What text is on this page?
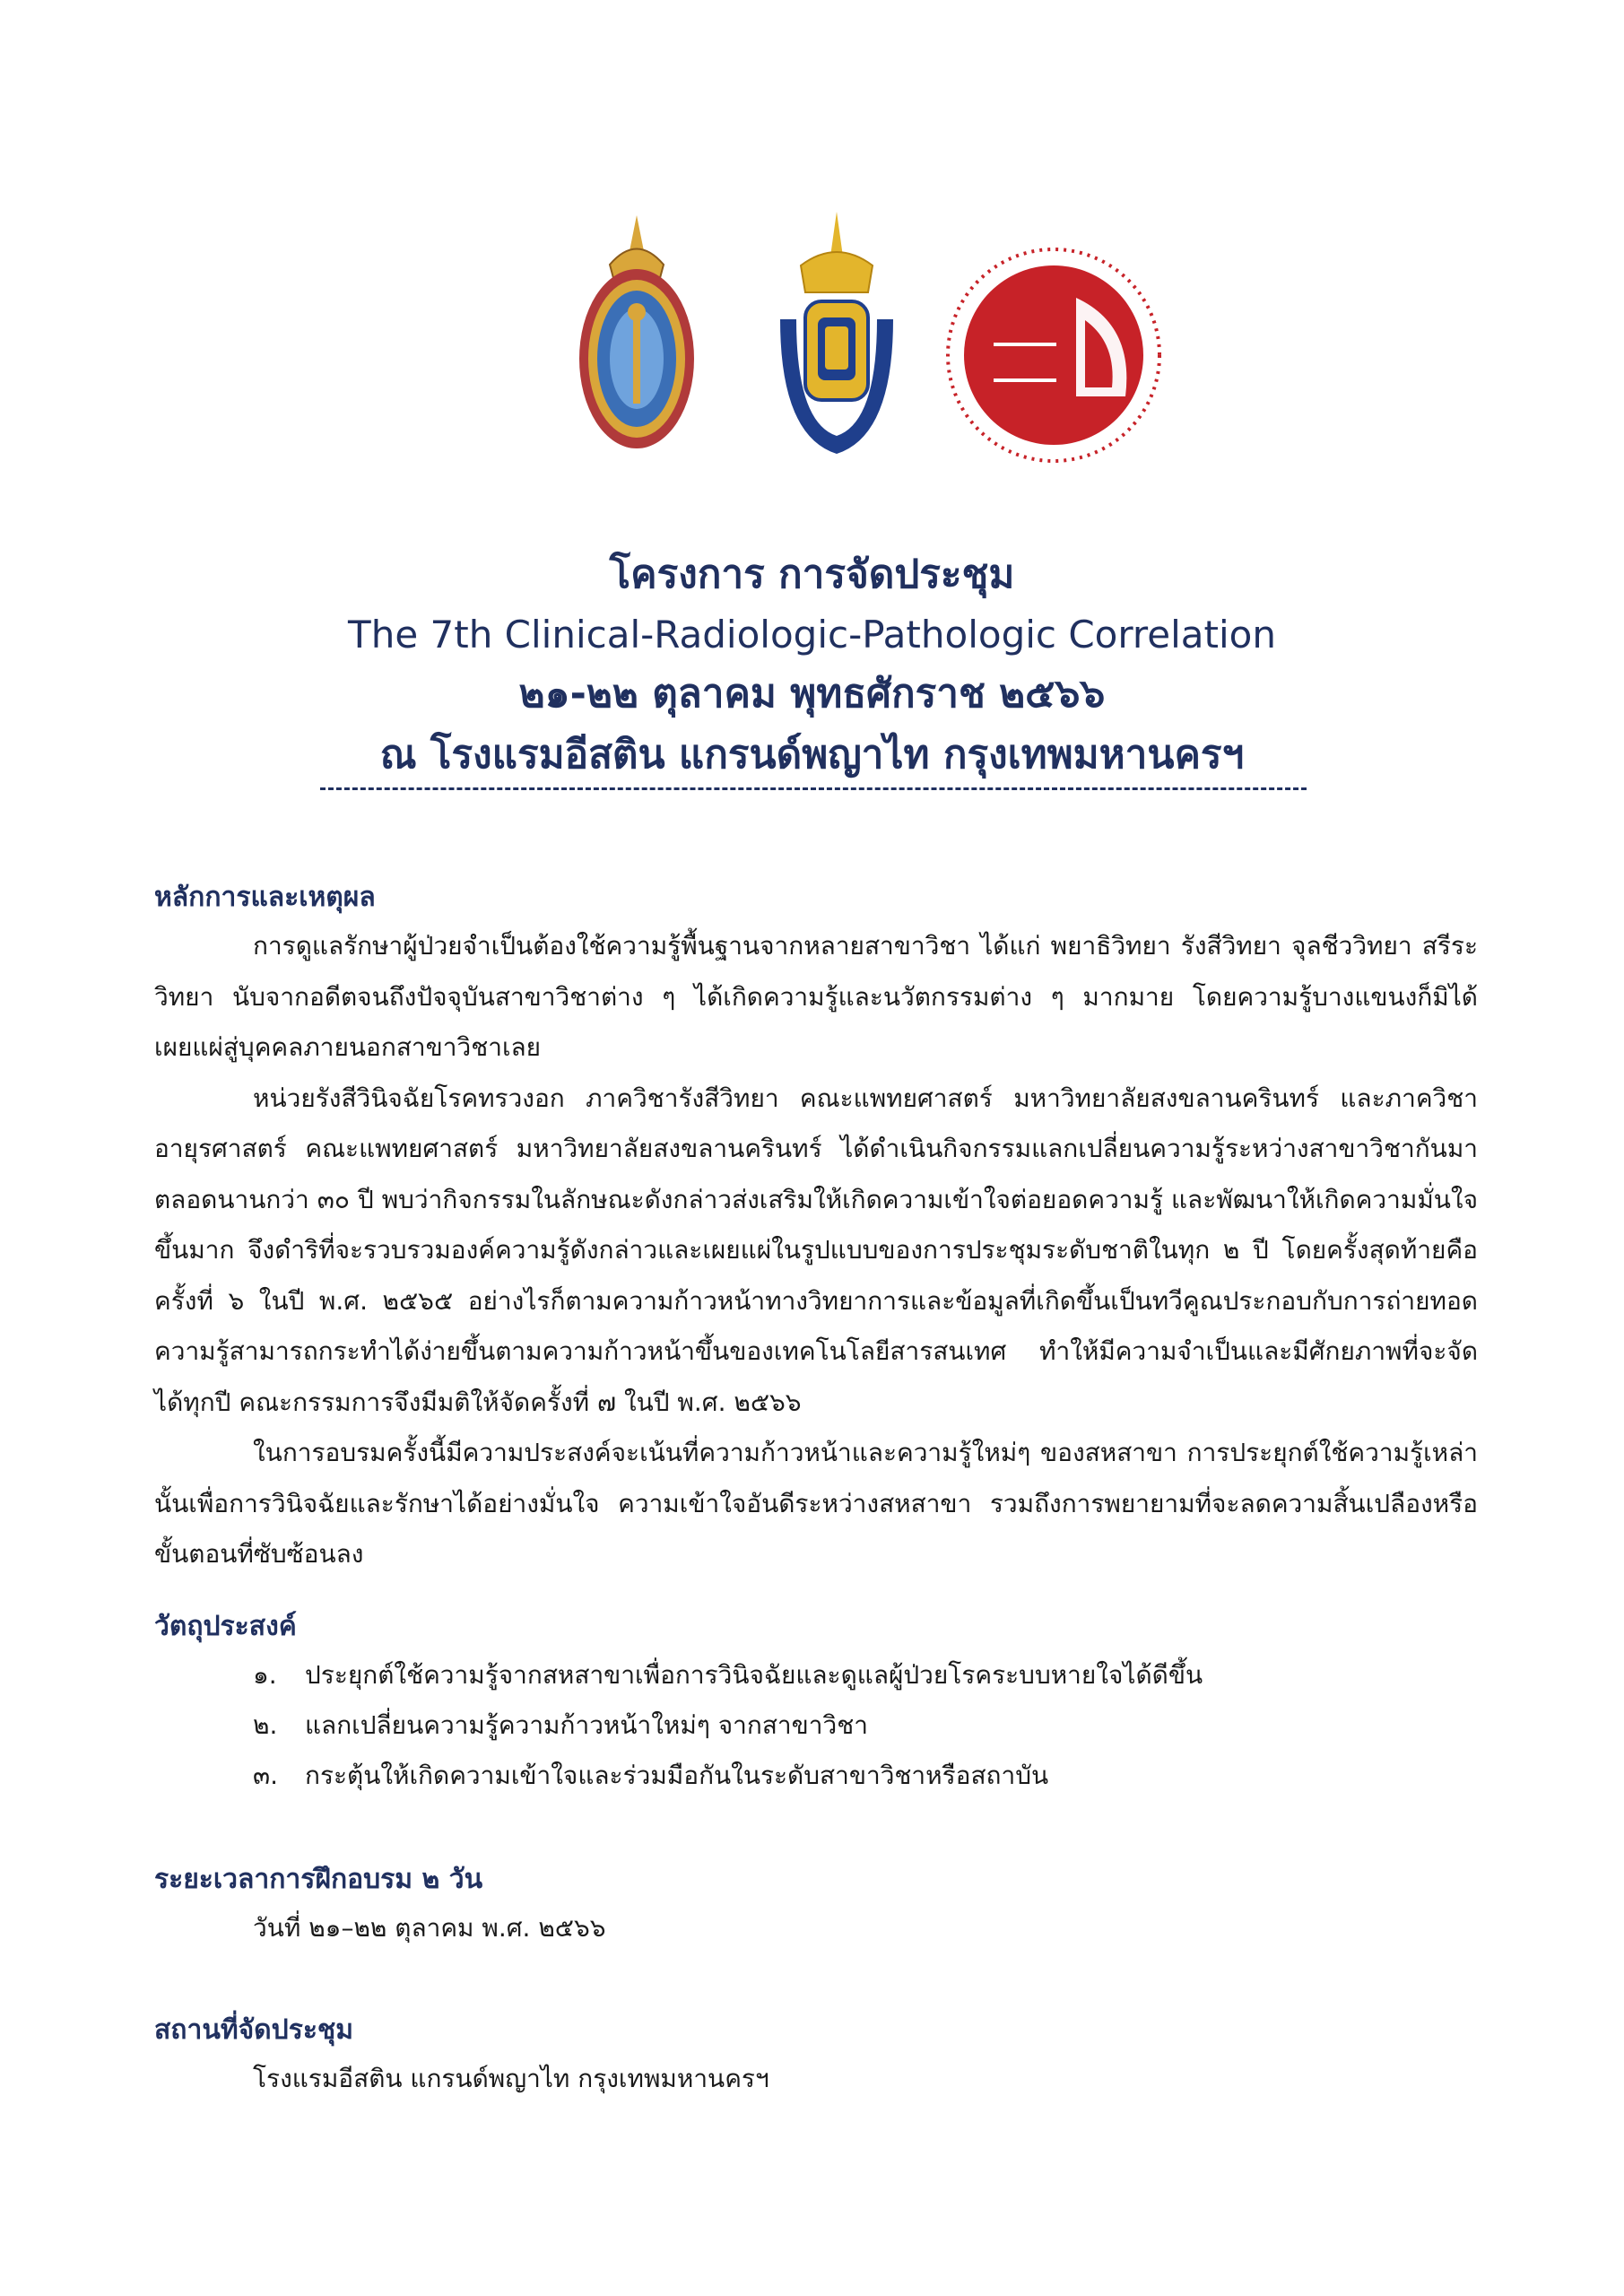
โครงการ การจัดประชุม
The 7th Clinical-Radiologic-Pathologic Correlation
๒๑-๒๒ ตุลาคม พุทธศักราช ๒๕๖๖
ณ โรงแรมอีสติน แกรนด์พญาไท กรุงเทพมหานครฯ

หลักการและเหตุผล

การดูแลรักษาผู้ป่วยจำเป็นต้องใช้ความรู้พื้นฐานจากหลายสาขาวิชา ได้แก่ พยาธิวิทยา รังสีวิทยา จุลชีววิทยา สรีระวิทยา นับจากอดีตจนถึงปัจจุบันสาขาวิชาต่าง ๆ ได้เกิดความรู้และนวัตกรรมต่าง ๆ มากมาย โดยความรู้บางแขนงก็มิได้เผยแผ่สู่บุคคลภายนอกสาขาวิชาเลย

หน่วยรังสีวินิจฉัยโรคทรวงอก ภาควิชารังสีวิทยา คณะแพทยศาสตร์ มหาวิทยาลัยสงขลานครินทร์ และภาควิชาอายุรศาสตร์ คณะแพทยศาสตร์ มหาวิทยาลัยสงขลานครินทร์ ได้ดำเนินกิจกรรมแลกเปลี่ยนความรู้ระหว่างสาขาวิชากันมาตลอดนานกว่า ๓๐ ปี พบว่ากิจกรรมในลักษณะดังกล่าวส่งเสริมให้เกิดความเข้าใจต่อยอดความรู้ และพัฒนาให้เกิดความมั่นใจขึ้นมาก จึงดำริที่จะรวบรวมองค์ความรู้ดังกล่าวและเผยแผ่ในรูปแบบของการประชุมระดับชาติในทุก ๒ ปี โดยครั้งสุดท้ายคือครั้งที่ ๖ ในปี พ.ศ. ๒๕๖๕ อย่างไรก็ตามความก้าวหน้าทางวิทยาการและข้อมูลที่เกิดขึ้นเป็นทวีคูณประกอบกับการถ่ายทอดความรู้สามารถกระทำได้ง่ายขึ้นตามความก้าวหน้าขึ้นของเทคโนโลยีสารสนเทศ ทำให้มีความจำเป็นและมีศักยภาพที่จะจัดได้ทุกปี คณะกรรมการจึงมีมติให้จัดครั้งที่ ๗ ในปี พ.ศ. ๒๕๖๖

ในการอบรมครั้งนี้มีความประสงค์จะเน้นที่ความก้าวหน้าและความรู้ใหม่ๆ ของสหสาขา การประยุกต์ใช้ความรู้เหล่านั้นเพื่อการวินิจฉัยและรักษาได้อย่างมั่นใจ ความเข้าใจอันดีระหว่างสหสาขา รวมถึงการพยายามที่จะลดความสิ้นเปลืองหรือขั้นตอนที่ซับซ้อนลง

วัตถุประสงค์

๑. ประยุกต์ใช้ความรู้จากสหสาขาเพื่อการวินิจฉัยและดูแลผู้ป่วยโรคระบบหายใจได้ดีขึ้น
๒. แลกเปลี่ยนความรู้ความก้าวหน้าใหม่ๆ จากสาขาวิชา
๓. กระตุ้นให้เกิดความเข้าใจและร่วมมือกันในระดับสาขาวิชาหรือสถาบัน

ระยะเวลาการฝึกอบรม ๒ วัน

วันที่ ๒๑–๒๒ ตุลาคม พ.ศ. ๒๕๖๖

สถานที่จัดประชุม

โรงแรมอีสติน แกรนด์พญาไท กรุงเทพมหานครฯ
